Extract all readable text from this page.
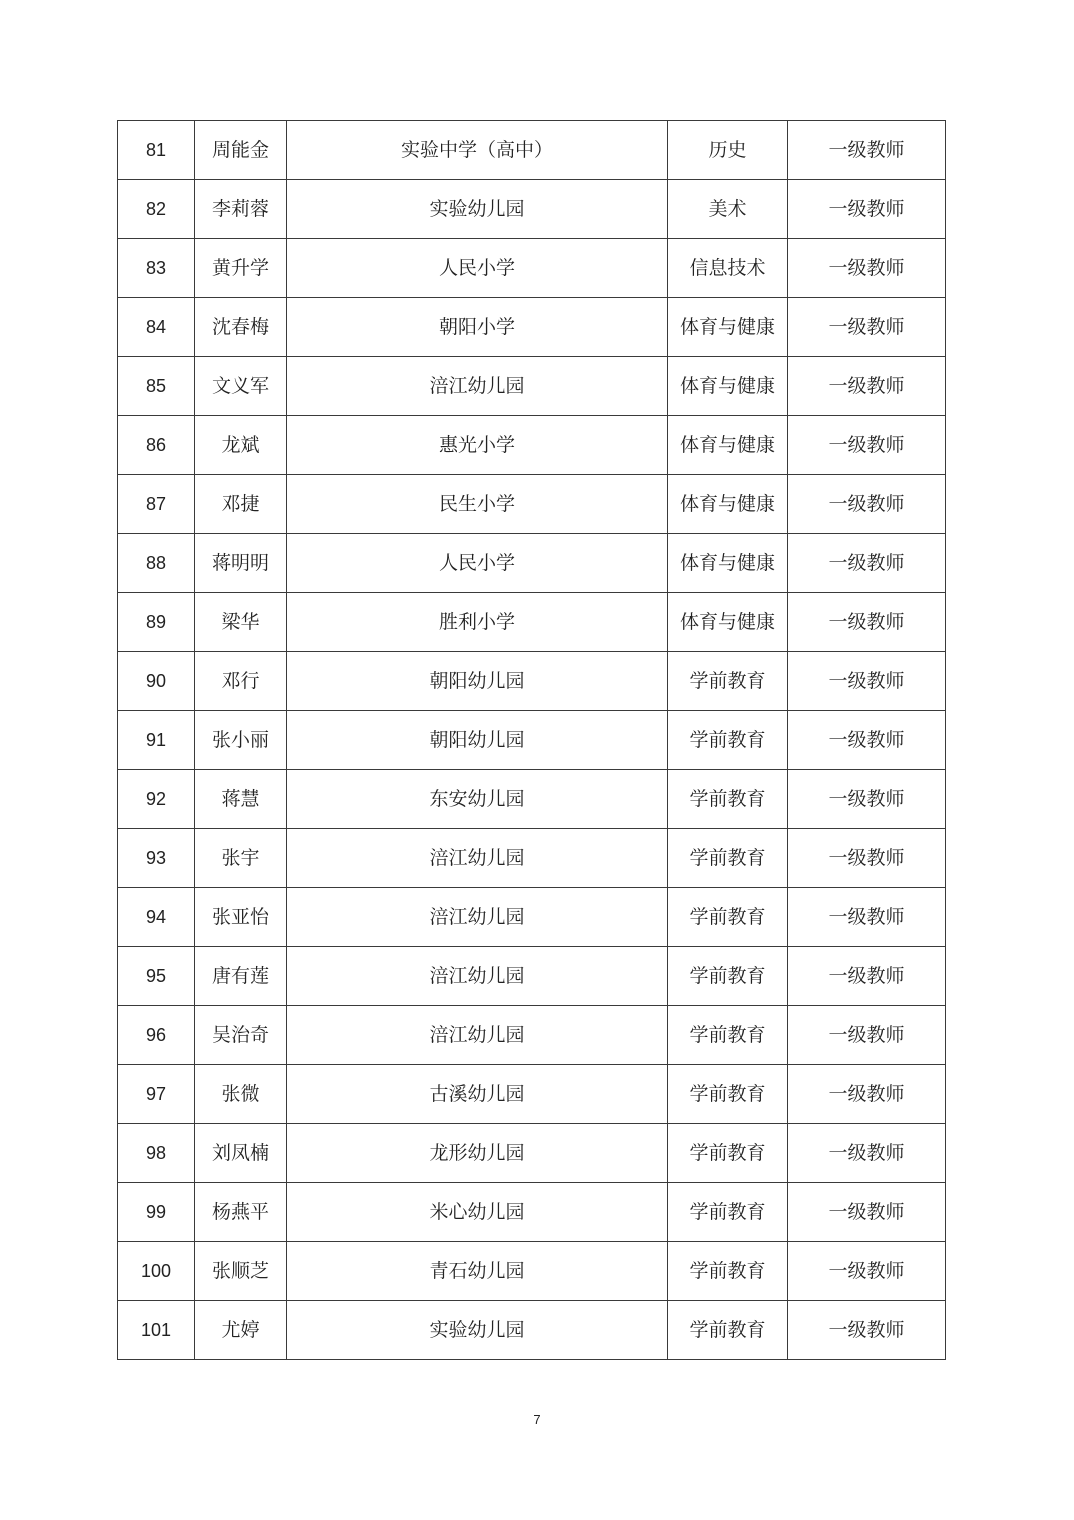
81	周能金	实验中学（高中）	历史	一级教师
82	李莉蓉	实验幼儿园	美术	一级教师
83	黄升学	人民小学	信息技术	一级教师
84	沈春梅	朝阳小学	体育与健康	一级教师
85	文义军	涪江幼儿园	体育与健康	一级教师
86	龙斌	惠光小学	体育与健康	一级教师
87	邓捷	民生小学	体育与健康	一级教师
88	蒋明明	人民小学	体育与健康	一级教师
89	梁华	胜利小学	体育与健康	一级教师
90	邓行	朝阳幼儿园	学前教育	一级教师
91	张小丽	朝阳幼儿园	学前教育	一级教师
92	蒋慧	东安幼儿园	学前教育	一级教师
93	张宇	涪江幼儿园	学前教育	一级教师
94	张亚怡	涪江幼儿园	学前教育	一级教师
95	唐有莲	涪江幼儿园	学前教育	一级教师
96	吴治奇	涪江幼儿园	学前教育	一级教师
97	张微	古溪幼儿园	学前教育	一级教师
98	刘凤楠	龙形幼儿园	学前教育	一级教师
99	杨燕平	米心幼儿园	学前教育	一级教师
100	张顺芝	青石幼儿园	学前教育	一级教师
101	尤婷	实验幼儿园	学前教育	一级教师
7
